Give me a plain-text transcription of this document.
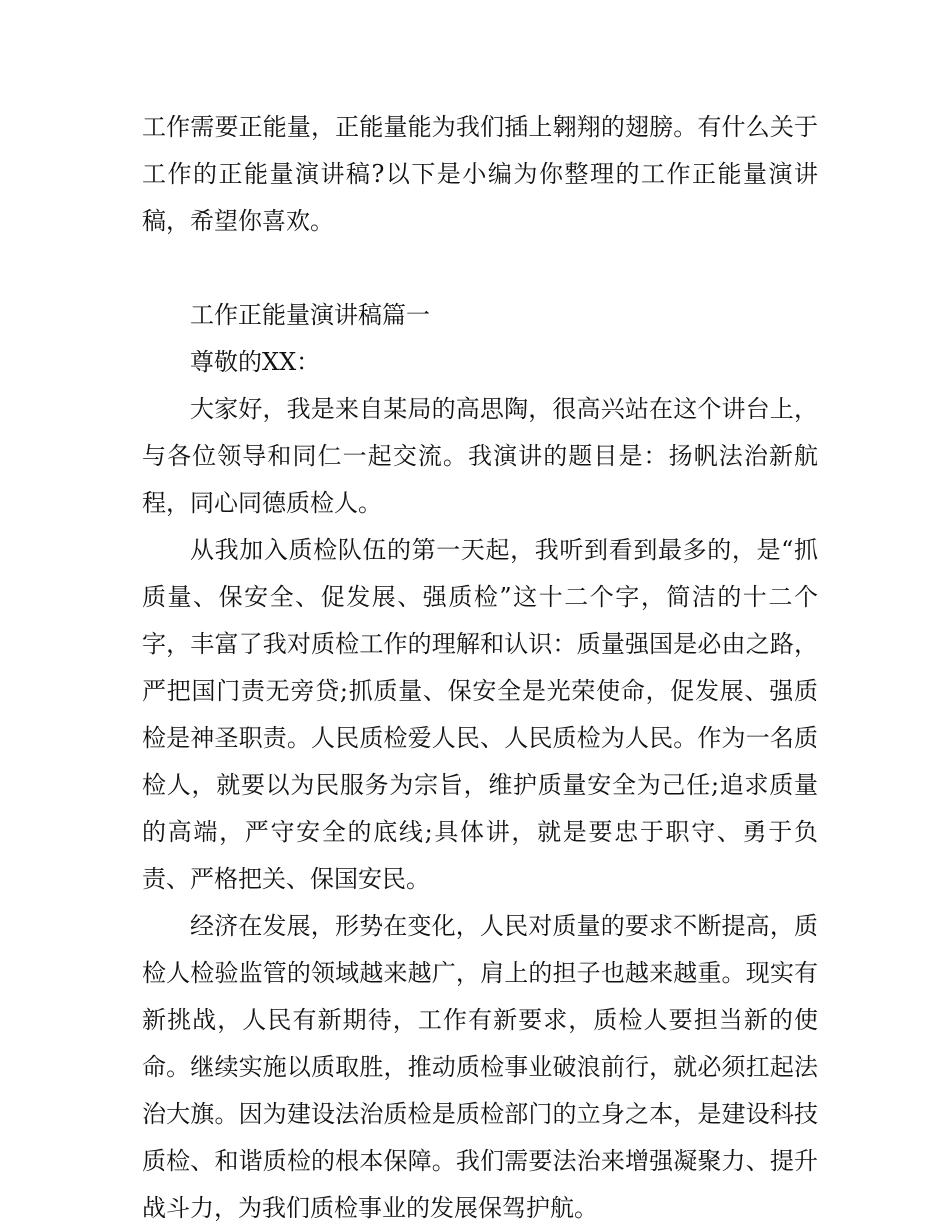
工作需要正能量，正能量能为我们插上翱翔的翅膀。有什么关于工作的正能量演讲稿?以下是小编为你整理的工作正能量演讲稿，希望你喜欢。

工作正能量演讲稿篇一

尊敬的XX：

大家好，我是来自某局的高思陶，很高兴站在这个讲台上，与各位领导和同仁一起交流。我演讲的题目是：扬帆法治新航程，同心同德质检人。

从我加入质检队伍的第一天起，我听到看到最多的，是“抓质量、保安全、促发展、强质检”这十二个字，简洁的十二个字，丰富了我对质检工作的理解和认识：质量强国是必由之路，严把国门责无旁贷;抓质量、保安全是光荣使命，促发展、强质检是神圣职责。人民质检爱人民、人民质检为人民。作为一名质检人，就要以为民服务为宗旨，维护质量安全为己任;追求质量的高端，严守安全的底线;具体讲，就是要忠于职守、勇于负责、严格把关、保国安民。

经济在发展，形势在变化，人民对质量的要求不断提高，质检人检验监管的领域越来越广，肩上的担子也越来越重。现实有新挑战，人民有新期待，工作有新要求，质检人要担当新的使命。继续实施以质取胜，推动质检事业破浪前行，就必须扛起法治大旗。因为建设法治质检是质检部门的立身之本，是建设科技质检、和谐质检的根本保障。我们需要法治来增强凝聚力、提升战斗力，为我们质检事业的发展保驾护航。
